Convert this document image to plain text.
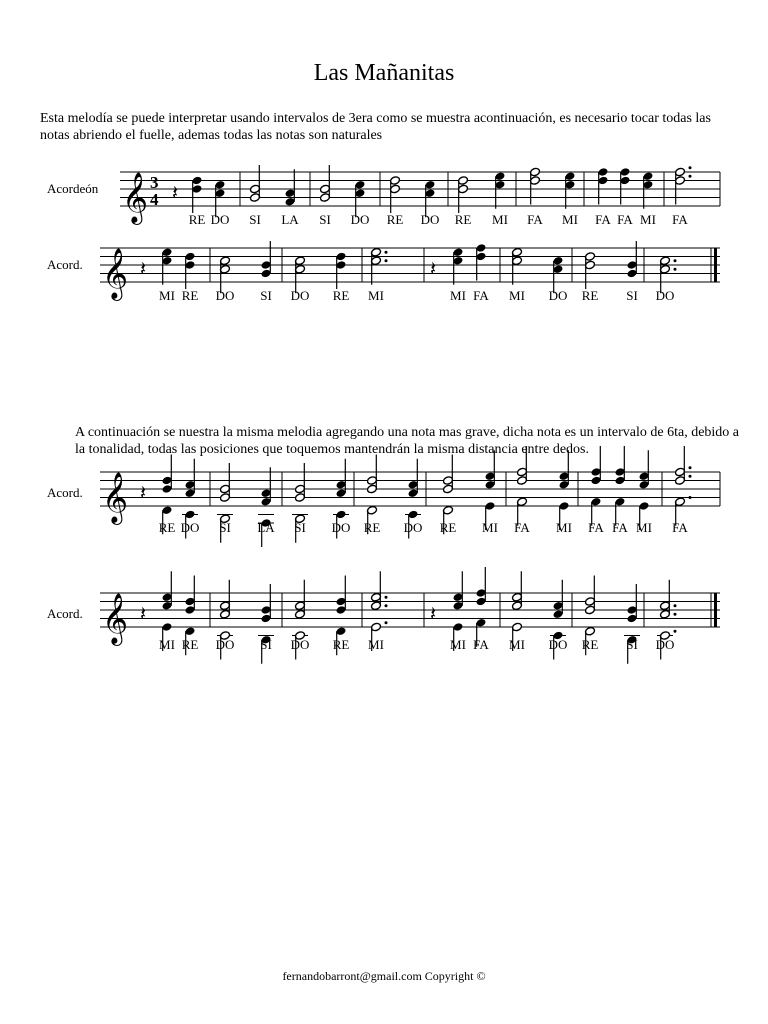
Las Mañanitas

Esta melodía se puede interpretar usando intervalos de 3era como se muestra acontinuación, es necesario tocar todas las notas abriendo el fuelle, ademas todas las notas son naturales

A continuación se nuestra la misma melodia agregando una nota mas grave, dicha nota es un intervalo de 6ta, debido a la tonalidad, todas las posiciones que toquemos mantendrán la misma distancia entre dedos.

Acordeón	3
4 𝄽
RE DO SI LA SI DO RE DO RE MI FA MI FA FA MI FA
𝄞
Acord.	𝄽
MI RE DO SI DO RE MI
𝄽
MI FA MI DO RE SI DO
𝄞
Acord.	𝄽
RE DO SI LA SI DO RE DO RE MI FA MI FA FA MI FA
𝄞
Acord.	𝄽
MI RE DO SI DO RE MI
𝄽
MI FA MI DO RE SI DO
𝄞
fernandobarront@gmail.com Copyright ©
